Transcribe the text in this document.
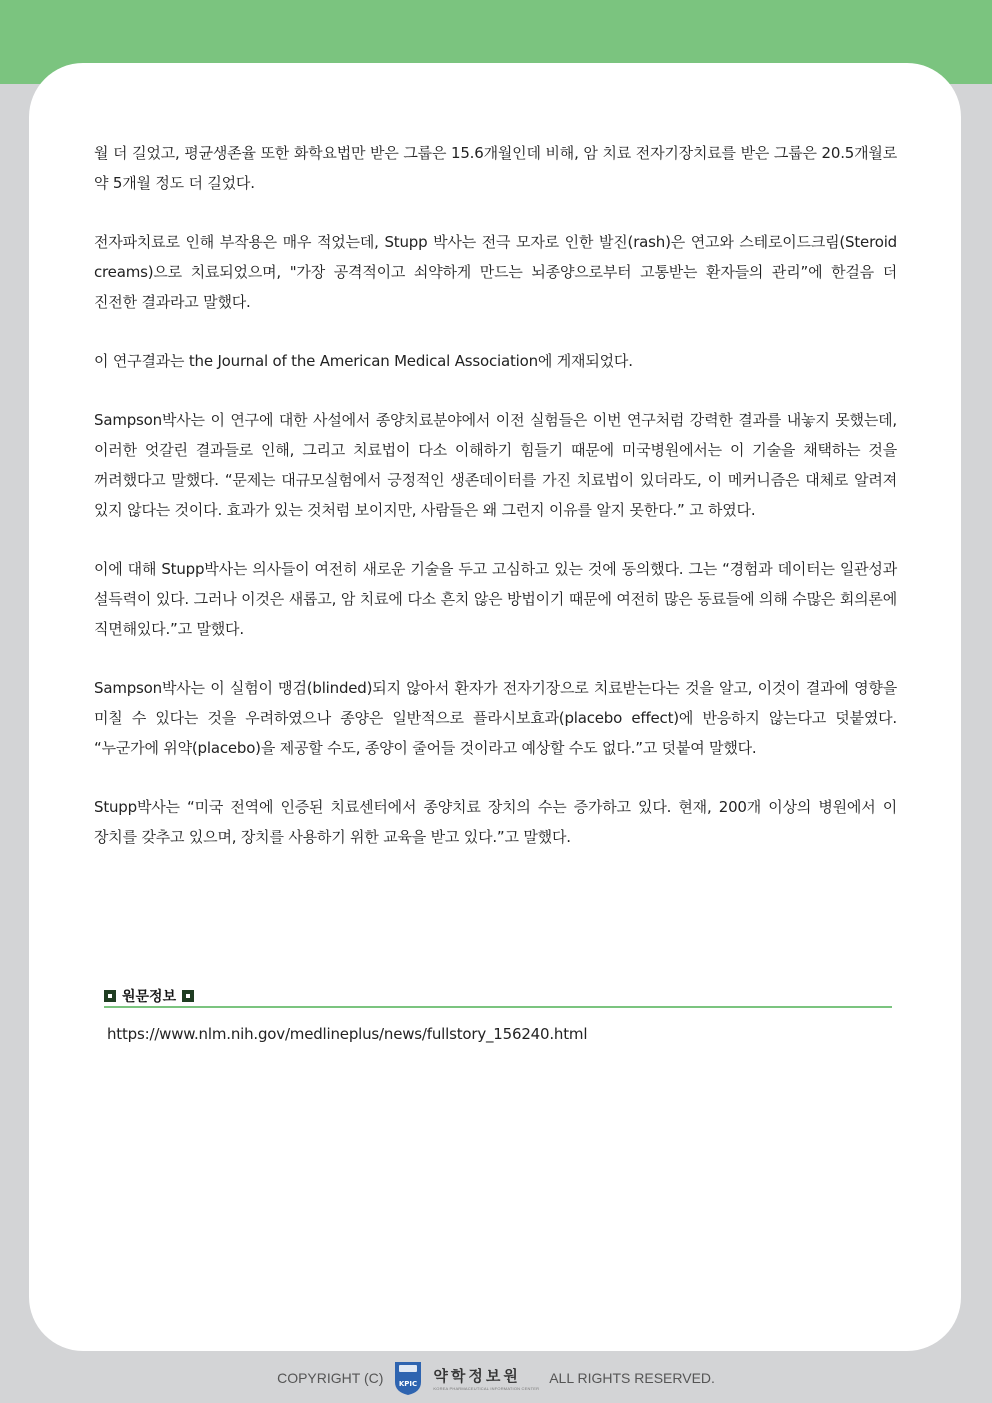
월 더 길었고, 평균생존율 또한 화학요법만 받은 그룹은 15.6개월인데 비해, 암 치료 전자기장치료를 받은 그룹은 20.5개월로 약 5개월 정도 더 길었다.

전자파치료로 인해 부작용은 매우 적었는데, Stupp 박사는 전극 모자로 인한 발진(rash)은 연고와 스테로이드크림(Steroid creams)으로 치료되었으며, "가장 공격적이고 쇠약하게 만드는 뇌종양으로부터 고통받는 환자들의 관리”에 한걸음 더 진전한 결과라고 말했다.

이 연구결과는 the Journal of the American Medical Association에 게재되었다.

Sampson박사는 이 연구에 대한 사설에서 종양치료분야에서 이전 실험들은 이번 연구처럼 강력한 결과를 내놓지 못했는데, 이러한 엇갈린 결과들로 인해, 그리고 치료법이 다소 이해하기 힘들기 때문에 미국병원에서는 이 기술을 채택하는 것을 꺼려했다고 말했다. “문제는 대규모실험에서 긍정적인 생존데이터를 가진 치료법이 있더라도, 이 메커니즘은 대체로 알려져 있지 않다는 것이다. 효과가 있는 것처럼 보이지만, 사람들은 왜 그런지 이유를 알지 못한다.” 고 하였다.

이에 대해 Stupp박사는 의사들이 여전히 새로운 기술을 두고 고심하고 있는 것에 동의했다. 그는 “경험과 데이터는 일관성과 설득력이 있다. 그러나 이것은 새롭고, 암 치료에 다소 흔치 않은 방법이기 때문에 여전히 많은 동료들에 의해 수많은 회의론에 직면해있다.”고 말했다.

Sampson박사는 이 실험이 맹검(blinded)되지 않아서 환자가 전자기장으로 치료받는다는 것을 알고, 이것이 결과에 영향을 미칠 수 있다는 것을 우려하였으나 종양은 일반적으로 플라시보효과(placebo effect)에 반응하지 않는다고 덧붙였다. “누군가에 위약(placebo)을 제공할 수도, 종양이 줄어들 것이라고 예상할 수도 없다.”고 덧붙여 말했다.

Stupp박사는 “미국 전역에 인증된 치료센터에서 종양치료 장치의 수는 증가하고 있다. 현재, 200개 이상의 병원에서 이 장치를 갖추고 있으며, 장치를 사용하기 위한 교육을 받고 있다.”고 말했다.

원문정보
https://www.nlm.nih.gov/medlineplus/news/fullstory_156240.html
COPYRIGHT (C) KPIC 약학정보원
KOREA PHARMACEUTICAL INFORMATION CENTER
ALL RIGHTS RESERVED.
